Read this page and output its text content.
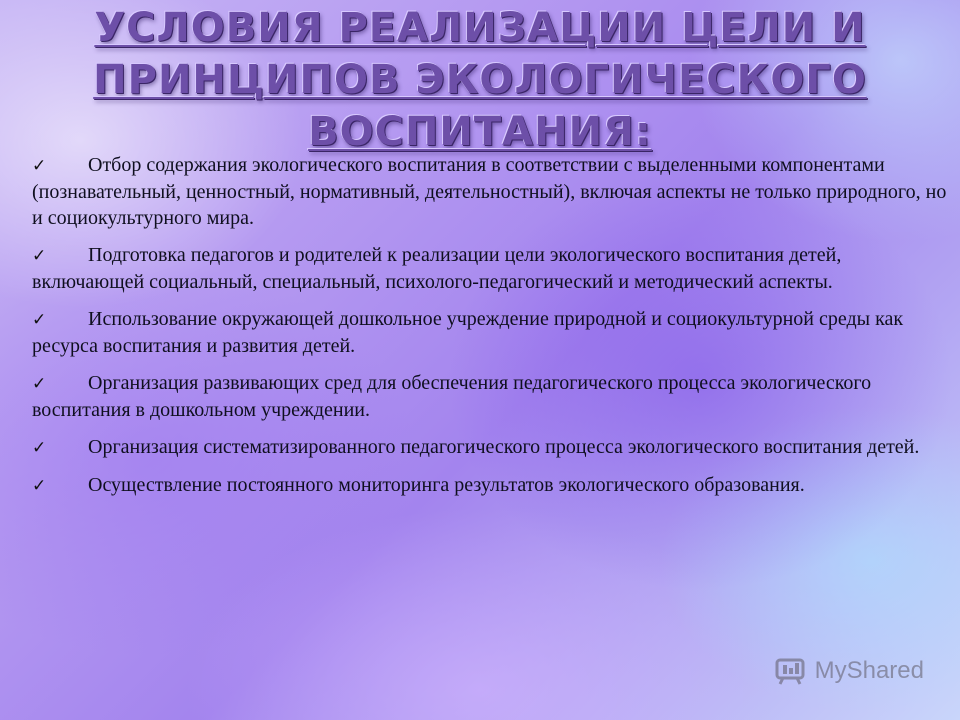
УСЛОВИЯ РЕАЛИЗАЦИИ ЦЕЛИ И ПРИНЦИПОВ ЭКОЛОГИЧЕСКОГО ВОСПИТАНИЯ:
✓ Отбор содержания экологического воспитания в соответствии с выделенными компонентами (познавательный, ценностный, нормативный, деятельностный), включая аспекты не только природного, но и социокультурного мира.
✓ Подготовка педагогов и родителей к реализации цели экологического воспитания детей, включающей социальный, специальный, психолого-педагогический и методический аспекты.
✓ Использование окружающей дошкольное учреждение природной и социокультурной среды как ресурса воспитания и развития детей.
✓ Организация развивающих сред для обеспечения педагогического процесса экологического воспитания в дошкольном учреждении.
✓ Организация систематизированного педагогического процесса экологического воспитания детей.
✓ Осуществление постоянного мониторинга результатов экологического образования.
MyShared
